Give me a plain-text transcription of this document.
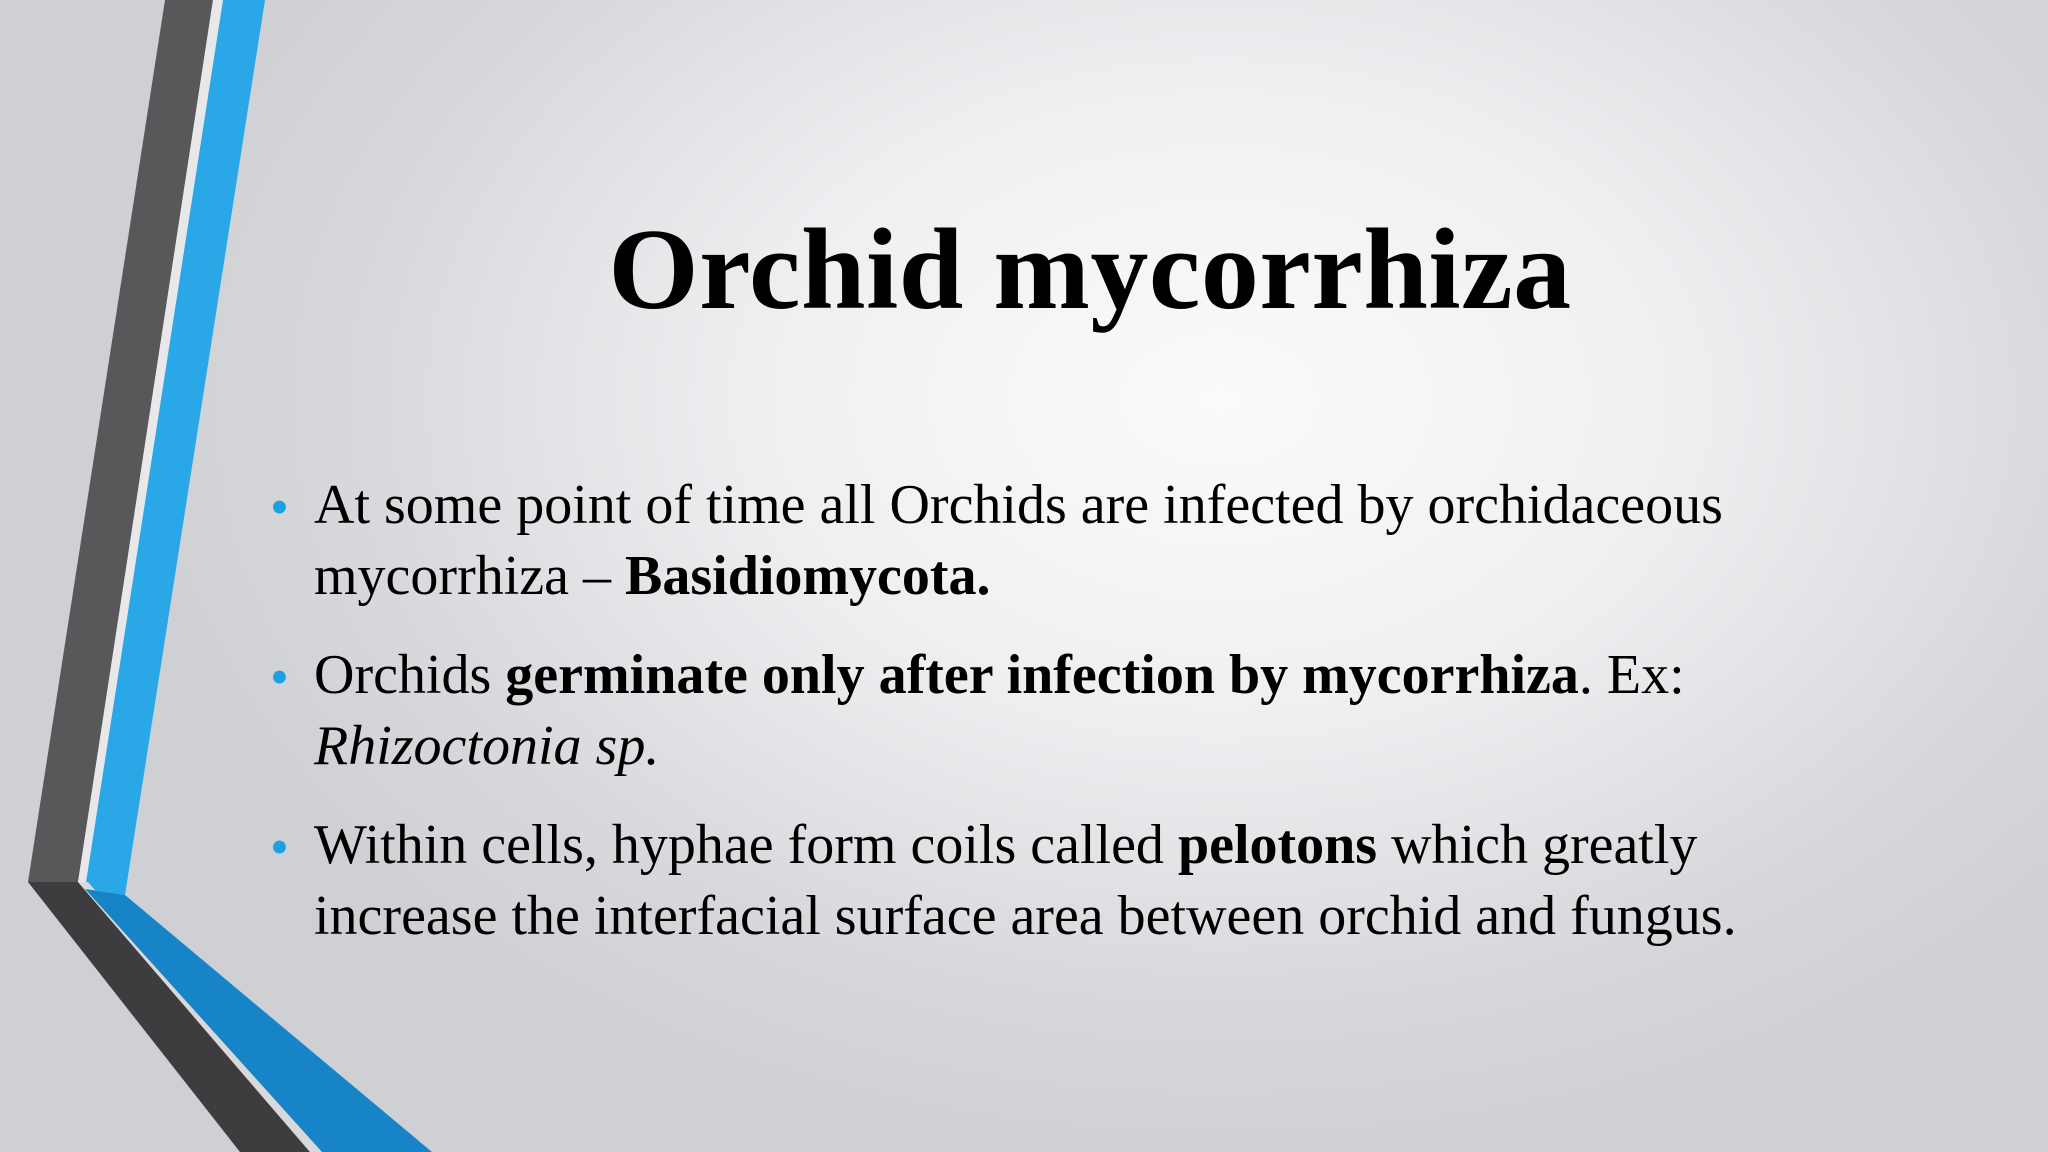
Orchid mycorrhiza
• At some point of time all Orchids are infected by orchidaceous mycorrhiza – Basidiomycota.
• Orchids germinate only after infection by mycorrhiza. Ex: Rhizoctonia sp.
• Within cells, hyphae form coils called pelotons which greatly increase the interfacial surface area between orchid and fungus.
